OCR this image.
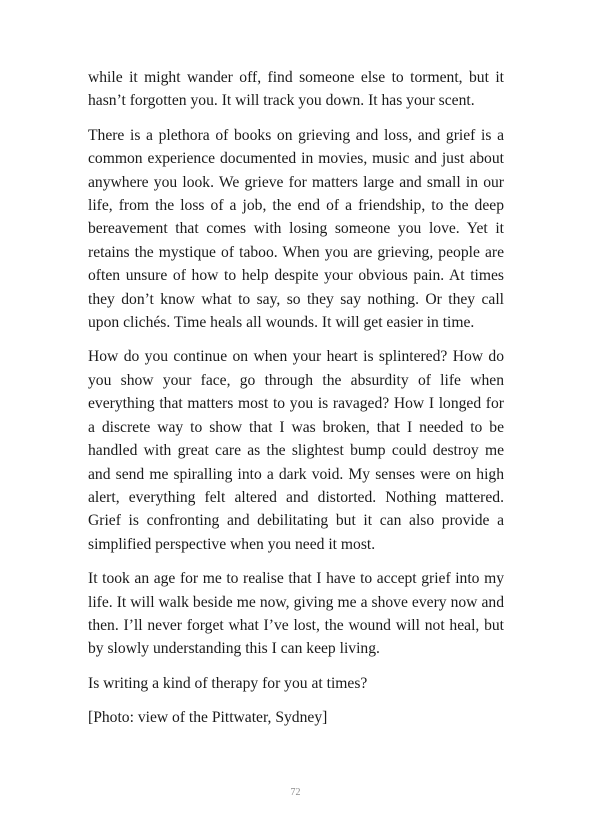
while it might wander off, find someone else to torment, but it hasn’t forgotten you. It will track you down. It has your scent.

There is a plethora of books on grieving and loss, and grief is a common experience documented in movies, music and just about anywhere you look. We grieve for matters large and small in our life, from the loss of a job, the end of a friendship, to the deep bereavement that comes with losing someone you love. Yet it retains the mystique of taboo. When you are grieving, people are often unsure of how to help despite your obvious pain. At times they don’t know what to say, so they say nothing. Or they call upon clichés. Time heals all wounds. It will get easier in time.

How do you continue on when your heart is splintered? How do you show your face, go through the absurdity of life when everything that matters most to you is ravaged? How I longed for a discrete way to show that I was broken, that I needed to be handled with great care as the slightest bump could destroy me and send me spiralling into a dark void. My senses were on high alert, everything felt altered and distorted. Nothing mattered. Grief is confronting and debilitating but it can also provide a simplified perspective when you need it most.

It took an age for me to realise that I have to accept grief into my life. It will walk beside me now, giving me a shove every now and then. I’ll never forget what I’ve lost, the wound will not heal, but by slowly understanding this I can keep living.

Is writing a kind of therapy for you at times?

[Photo: view of the Pittwater, Sydney]

72
